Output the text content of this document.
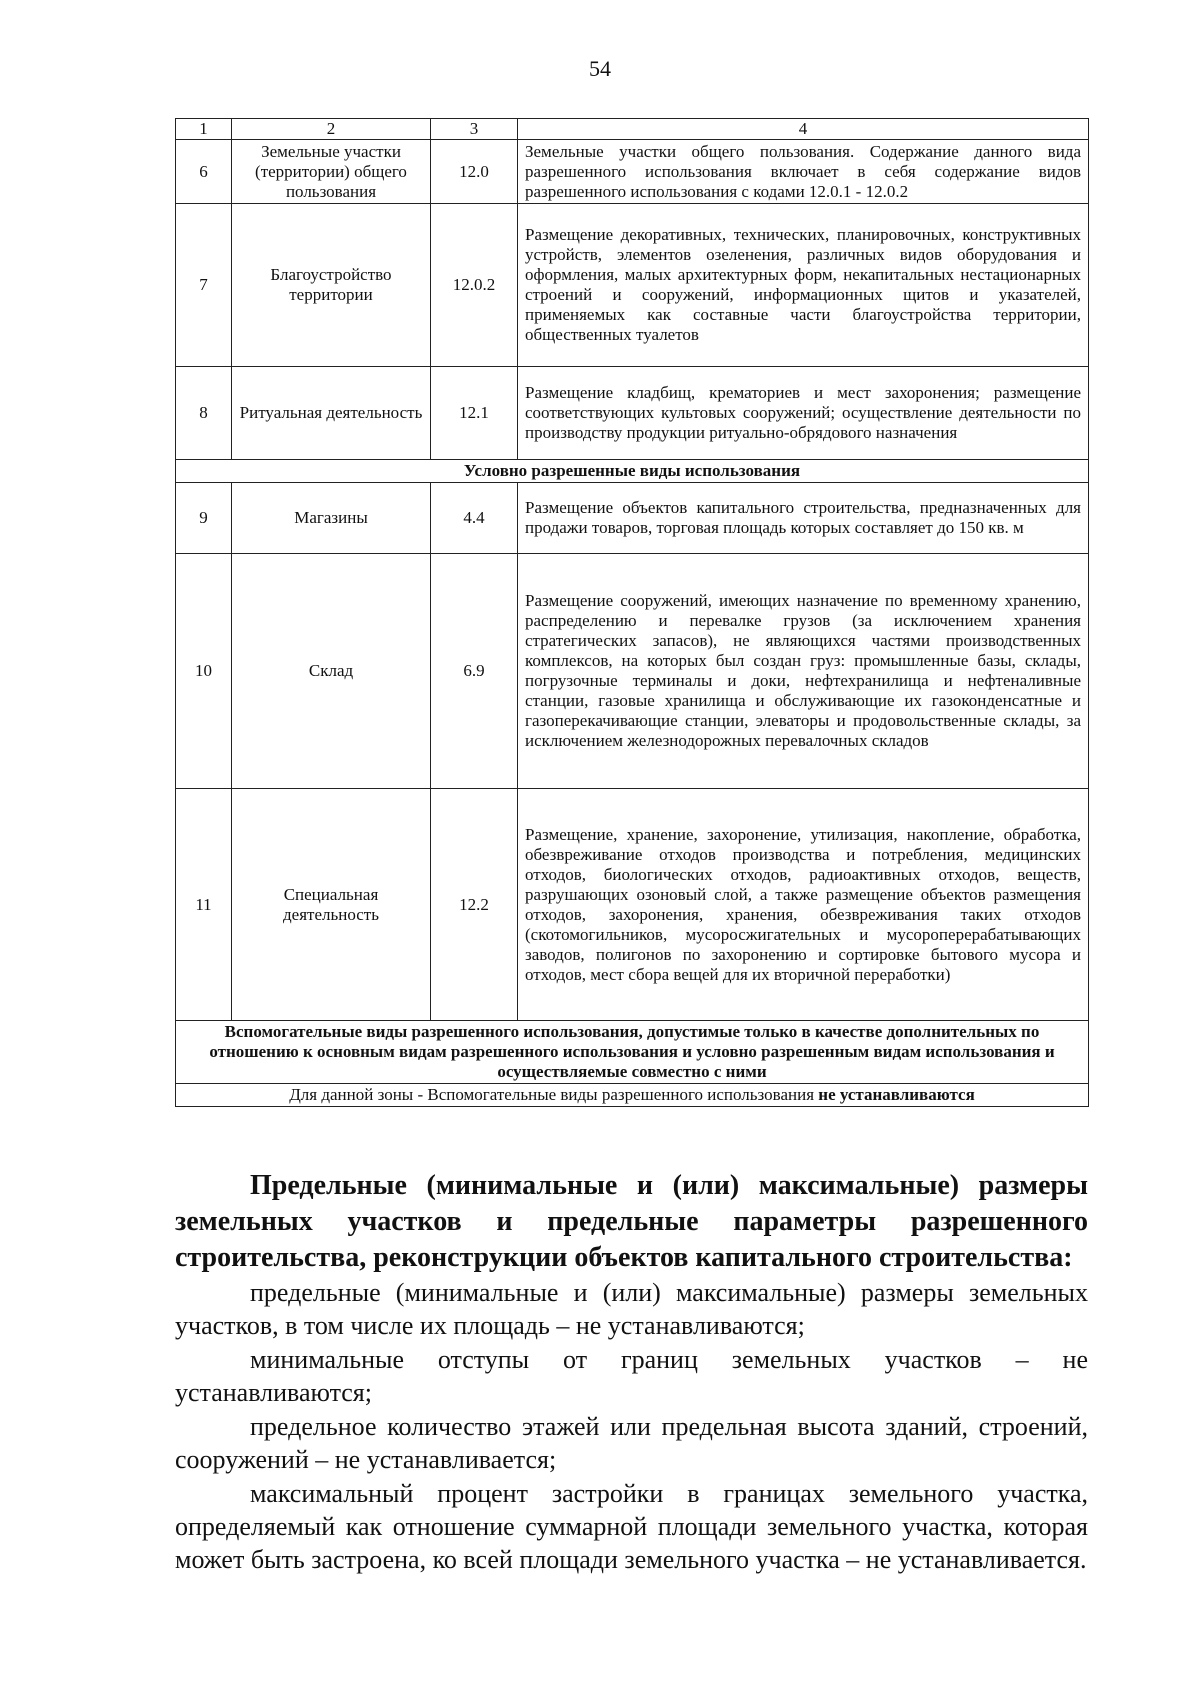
54
1	2	3	4
6	Земельные участки (территории) общего пользования	12.0	Земельные участки общего пользования. Содержание данного вида разрешенного использования включает в себя содержание видов разрешенного использования с кодами 12.0.1 - 12.0.2
7	Благоустройство территории	12.0.2	Размещение декоративных, технических, планировочных, конструктивных устройств, элементов озеленения, различных видов оборудования и оформления, малых архитектурных форм, некапитальных нестационарных строений и сооружений, информационных щитов и указателей, применяемых как составные части благоустройства территории, общественных туалетов
8	Ритуальная деятельность	12.1	Размещение кладбищ, крематориев и мест захоронения; размещение соответствующих культовых сооружений; осуществление деятельности по производству продукции ритуально-обрядового назначения
Условно разрешенные виды использования			
9	Магазины	4.4	Размещение объектов капитального строительства, предназначенных для продажи товаров, торговая площадь которых составляет до 150 кв. м
10	Склад	6.9	Размещение сооружений, имеющих назначение по временному хранению, распределению и перевалке грузов (за исключением хранения стратегических запасов), не являющихся частями производственных комплексов, на которых был создан груз: промышленные базы, склады, погрузочные терминалы и доки, нефтехранилища и нефтеналивные станции, газовые хранилища и обслуживающие их газоконденсатные и газоперекачивающие станции, элеваторы и продовольственные склады, за исключением железнодорожных перевалочных складов
11	Специальная деятельность	12.2	Размещение, хранение, захоронение, утилизация, накопление, обработка, обезвреживание отходов производства и потребления, медицинских отходов, биологических отходов, радиоактивных отходов, веществ, разрушающих озоновый слой, а также размещение объектов размещения отходов, захоронения, хранения, обезвреживания таких отходов (скотомогильников, мусоросжигательных и мусороперерабатывающих заводов, полигонов по захоронению и сортировке бытового мусора и отходов, мест сбора вещей для их вторичной переработки)
Вспомогательные виды разрешенного использования, допустимые только в качестве дополнительных по отношению к основным видам разрешенного использования и условно разрешенным видам использования и осуществляемые совместно с ними			
Для данной зоны - Вспомогательные виды разрешенного использования не устанавливаются			
Предельные (минимальные и (или) максимальные) размеры земельных участков и предельные параметры разрешенного строительства, реконструкции объектов капитального строительства:

предельные (минимальные и (или) максимальные) размеры земельных участков, в том числе их площадь – не устанавливаются;

минимальные отступы от границ земельных участков – не устанавливаются;

предельное количество этажей или предельная высота зданий, строений, сооружений – не устанавливается;

максимальный процент застройки в границах земельного участка, определяемый как отношение суммарной площади земельного участка, которая может быть застроена, ко всей площади земельного участка – не устанавливается.
